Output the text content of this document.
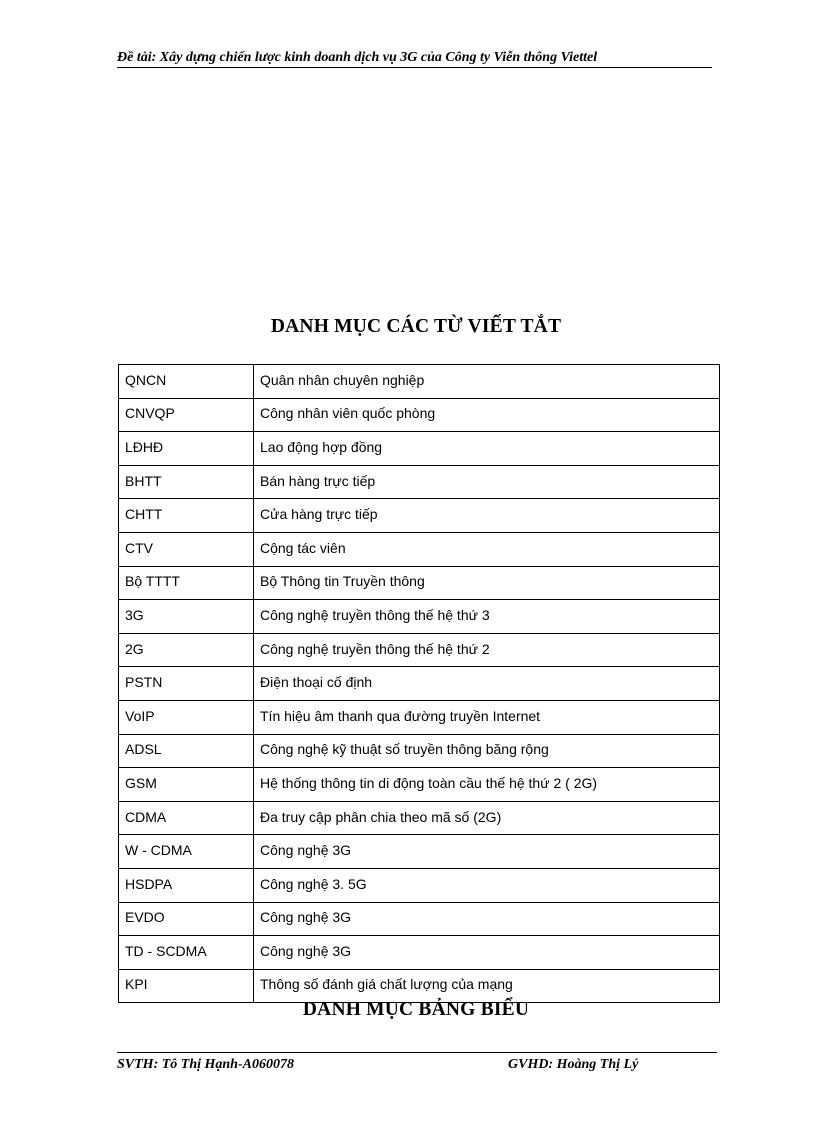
Đề tài: Xây dựng chiến lược kinh doanh dịch vụ 3G của Công ty Viễn thông Viettel
DANH MỤC CÁC TỪ VIẾT TẮT
QNCN	Quân nhân chuyên nghiệp
CNVQP	Công nhân viên quốc phòng
LĐHĐ	Lao động hợp đồng
BHTT	Bán hàng trực tiếp
CHTT	Cửa hàng trực tiếp
CTV	Cộng tác viên
Bộ TTTT	Bộ Thông tin Truyền thông
3G	Công nghệ truyền thông thế hệ thứ 3
2G	Công nghệ truyền thông thế hệ thứ 2
PSTN	Điện thoại cố định
VoIP	Tín hiệu âm thanh qua đường truyền Internet
ADSL	Công nghệ kỹ thuật số truyền thông băng rộng
GSM	Hệ thống thông tin di động toàn cầu thế hệ thứ 2 ( 2G)
CDMA	Đa truy cập phân chia theo mã số (2G)
W - CDMA	Công nghệ 3G
HSDPA	Công nghệ 3. 5G
EVDO	Công nghệ 3G
TD - SCDMA	Công nghệ 3G
KPI	Thông số đánh giá chất lượng của mạng
DANH MỤC BẢNG BIỂU
SVTH: Tô Thị Hạnh-A060078	GVHD: Hoàng Thị Lý
